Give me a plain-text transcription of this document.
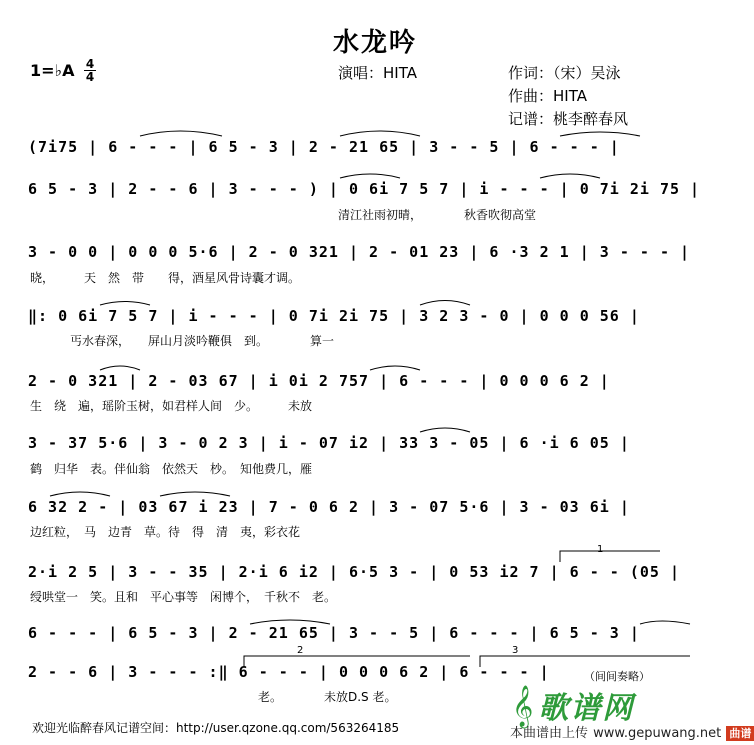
水龙吟
1=♭A 4
4	演唱：HITA	作词：（宋）吴泳
作曲：HITA
记谱：桃李醉春风
(7i75 | 6 - - - | 6 5 - 3 | 2 - 21 65 | 3 - - 5 | 6 - - - |
6 5 - 3 | 2 - - 6 | 3 - - - ) | 0 6i 7 5 7 | i - - - | 0 7i 2i 75 |
清江社雨初晴，　　　　秋香吹彻高堂
3 - 0 0 | 0 0 0 5·6 | 2 - 0 321 | 2 - 01 23 | 6 ·3 2 1 | 3 - - - |
晓，　　　天　然　带　　得，酒星风骨诗囊才调。
‖: 0 6i 7 5 7 | i - - - | 0 7i 2i 75 | 3 2 3 - 0 | 0 0 0 56 |
丐水春深，　　屏山月淡吟鞭俱　到。　　　　算一
2 - 0 321 | 2 - 03 67 | i 0i 2 757 | 6 - - - | 0 0 0 6 2 |
生　绕　遍，瑶阶玉树，如君样人间　少。　　　未放
3 - 37 5·6 | 3 - 0 2 3 | i - 07 i2 | 33 3 - 05 | 6 ·i 6 05 |
鹤　归华　表。伴仙翁　依然天　杪。　知他费几，雁
6 32 2 - | 03 67 i 23 | 7 - 0 6 2 | 3 - 07 5·6 | 3 - 03 6i |
边红粒，　马　边青　草。待　得　清　夷，彩衣花
2·i 2 5 | 3 - - 35 | 2·i 6 i2 | 6·5 3 - | 0 53 i2 7 | 6 - - (05 |
绶哄堂一　笑。且和　平心事等　闲博个，　千秋不　老。
6 - - - | 6 5 - 3 | 2 - 21 65 | 3 - - 5 | 6 - - - | 6 5 - 3 |
2 - - 6 | 3 - - - :‖ 6 - - - | 0 0 0 6 2 | 6 - - - |
老。　　　　未放D.S 老。
1
2	3
（间间奏略）
欢迎光临醉春风记谱空间：http://user.qzone.qq.com/563264185
𝄞 歌谱网
本曲谱由上传 www.gepuwang.net 曲谱
